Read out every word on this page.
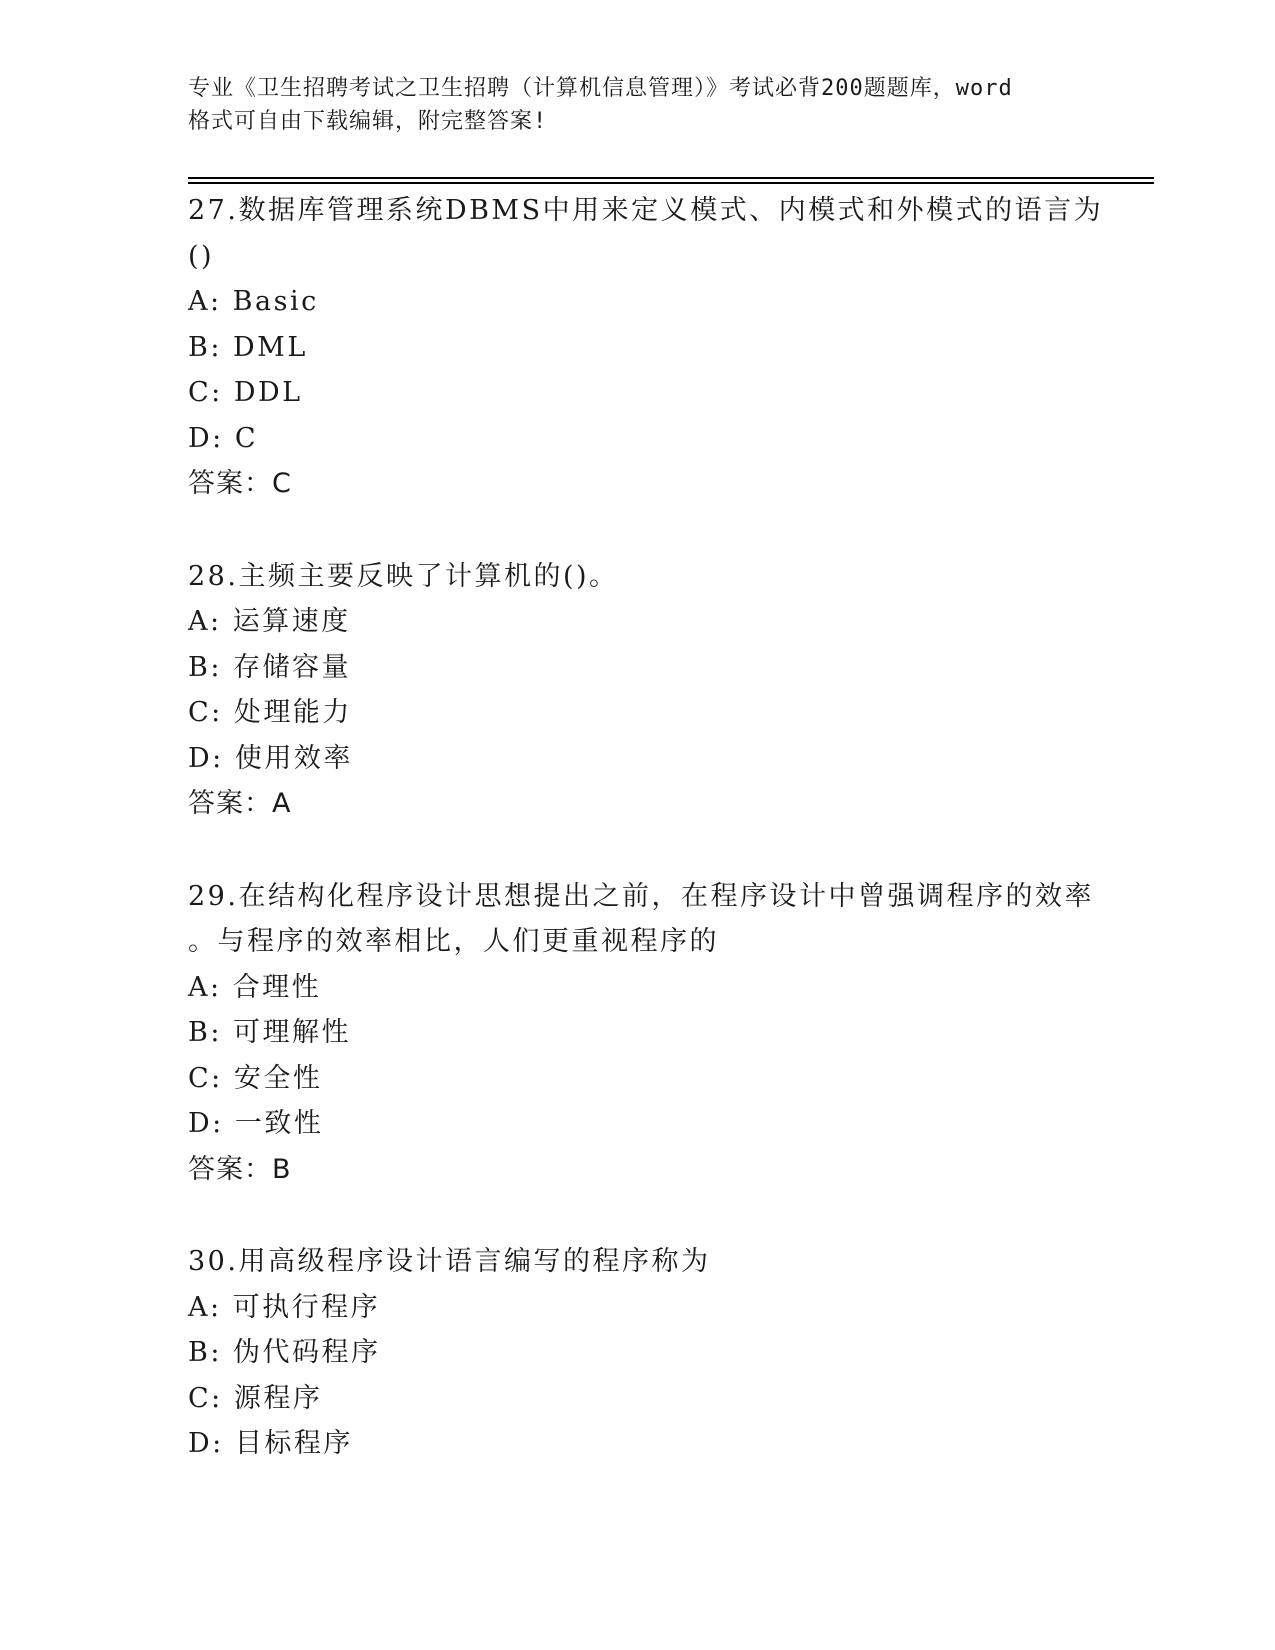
专业《卫生招聘考试之卫生招聘（计算机信息管理）》考试必背200题题库，word
格式可自由下载编辑，附完整答案!
27.数据库管理系统DBMS中用来定义模式、内模式和外模式的语言为
()
A: Basic
B: DML
C: DDL
D: C
答案：C
28.主频主要反映了计算机的()。
A: 运算速度
B: 存储容量
C: 处理能力
D: 使用效率
答案：A
29.在结构化程序设计思想提出之前，在程序设计中曾强调程序的效率
。与程序的效率相比，人们更重视程序的
A: 合理性
B: 可理解性
C: 安全性
D: 一致性
答案：B
30.用高级程序设计语言编写的程序称为
A: 可执行程序
B: 伪代码程序
C: 源程序
D: 目标程序
